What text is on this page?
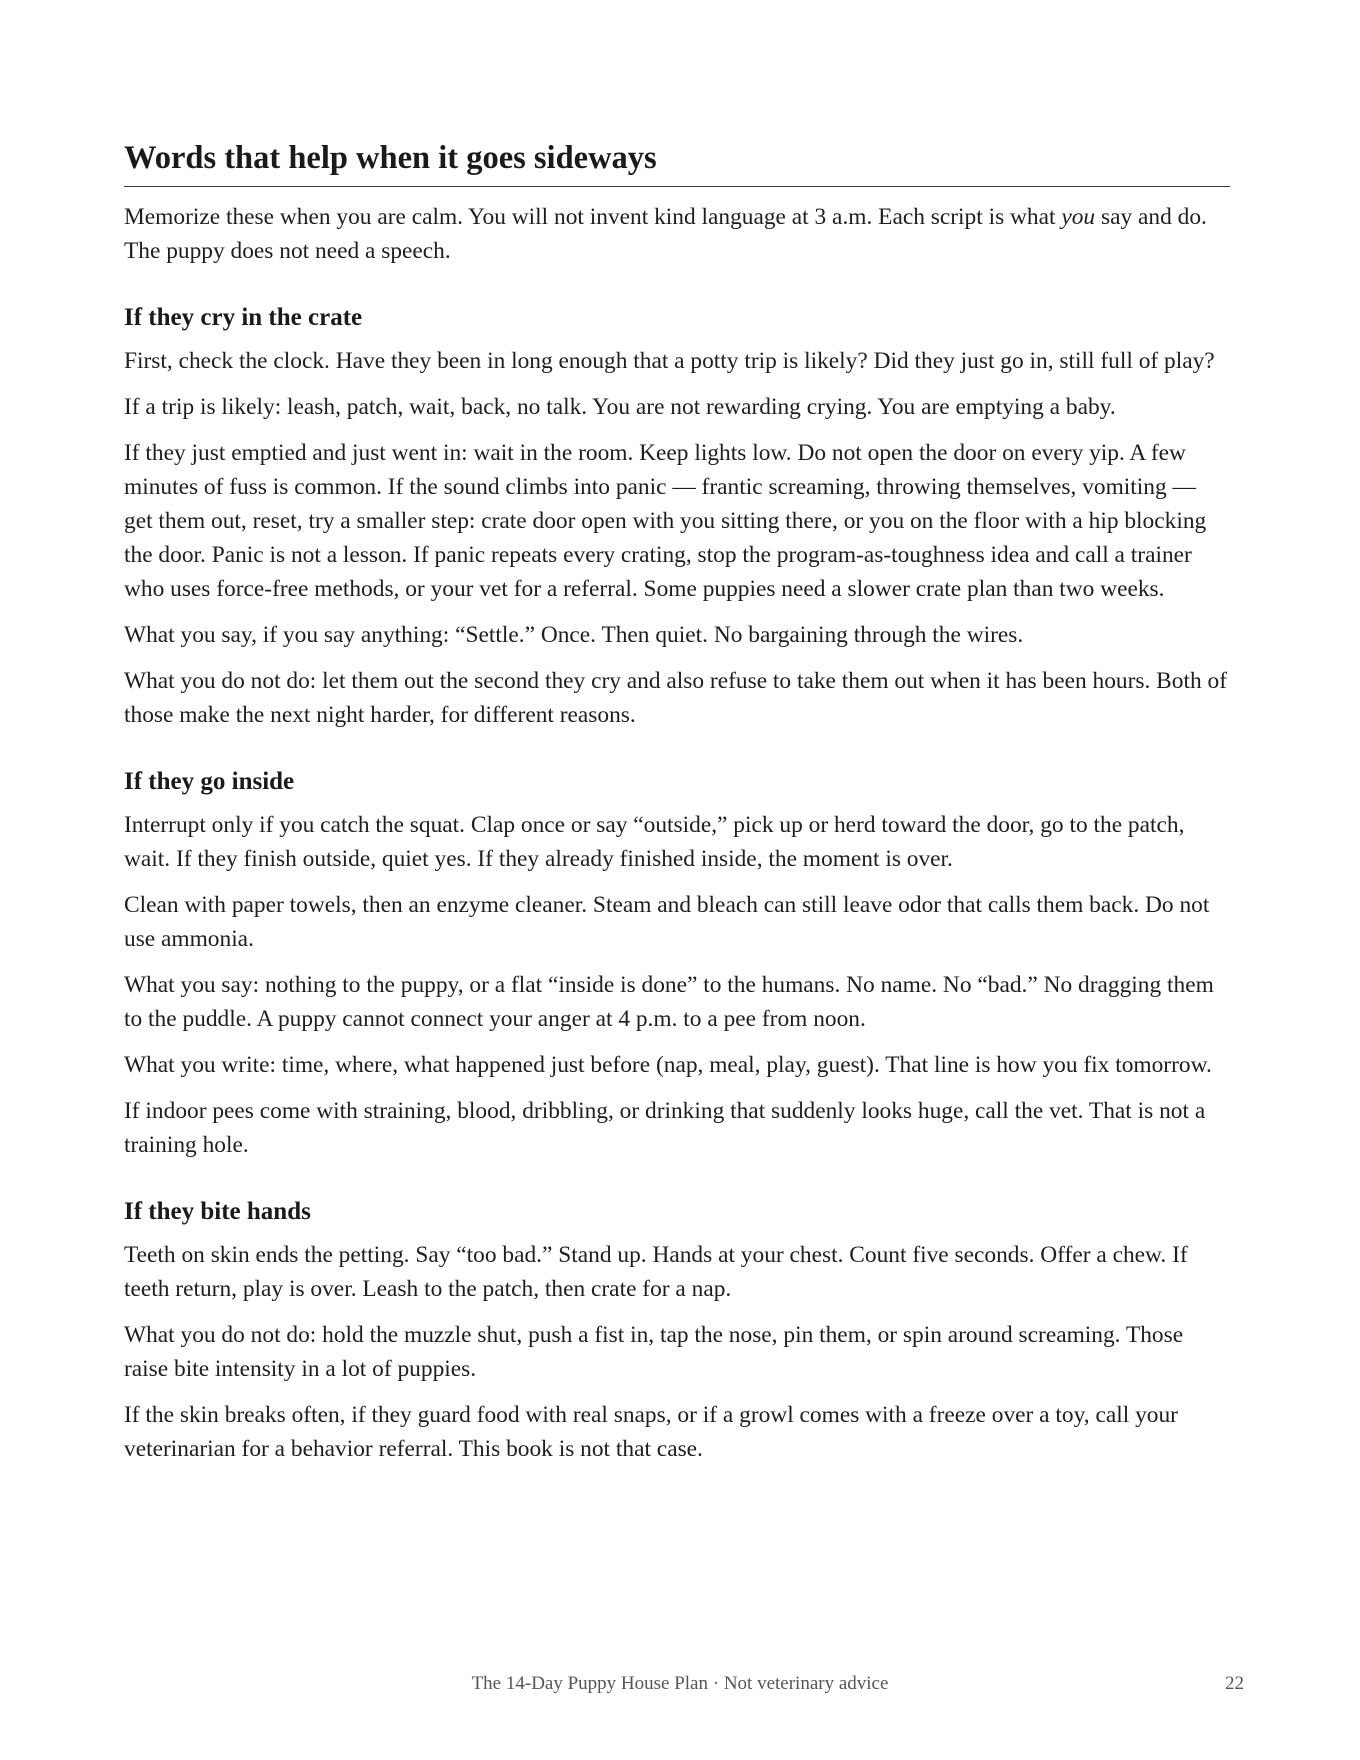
Words that help when it goes sideways

Memorize these when you are calm. You will not invent kind language at 3 a.m. Each script is what you say and do. The puppy does not need a speech.

If they cry in the crate

First, check the clock. Have they been in long enough that a potty trip is likely? Did they just go in, still full of play?

If a trip is likely: leash, patch, wait, back, no talk. You are not rewarding crying. You are emptying a baby.

If they just emptied and just went in: wait in the room. Keep lights low. Do not open the door on every yip. A few minutes of fuss is common. If the sound climbs into panic — frantic screaming, throwing themselves, vomiting — get them out, reset, try a smaller step: crate door open with you sitting there, or you on the floor with a hip blocking the door. Panic is not a lesson. If panic repeats every crating, stop the program-as-toughness idea and call a trainer who uses force-free methods, or your vet for a referral. Some puppies need a slower crate plan than two weeks.

What you say, if you say anything: “Settle.” Once. Then quiet. No bargaining through the wires.

What you do not do: let them out the second they cry and also refuse to take them out when it has been hours. Both of those make the next night harder, for different reasons.

If they go inside

Interrupt only if you catch the squat. Clap once or say “outside,” pick up or herd toward the door, go to the patch, wait. If they finish outside, quiet yes. If they already finished inside, the moment is over.

Clean with paper towels, then an enzyme cleaner. Steam and bleach can still leave odor that calls them back. Do not use ammonia.

What you say: nothing to the puppy, or a flat “inside is done” to the humans. No name. No “bad.” No dragging them to the puddle. A puppy cannot connect your anger at 4 p.m. to a pee from noon.

What you write: time, where, what happened just before (nap, meal, play, guest). That line is how you fix tomorrow.

If indoor pees come with straining, blood, dribbling, or drinking that suddenly looks huge, call the vet. That is not a training hole.

If they bite hands

Teeth on skin ends the petting. Say “too bad.” Stand up. Hands at your chest. Count five seconds. Offer a chew. If teeth return, play is over. Leash to the patch, then crate for a nap.

What you do not do: hold the muzzle shut, push a fist in, tap the nose, pin them, or spin around screaming. Those raise bite intensity in a lot of puppies.

If the skin breaks often, if they guard food with real snaps, or if a growl comes with a freeze over a toy, call your veterinarian for a behavior referral. This book is not that case.

The 14-Day Puppy House Plan · Not veterinary advice	22
